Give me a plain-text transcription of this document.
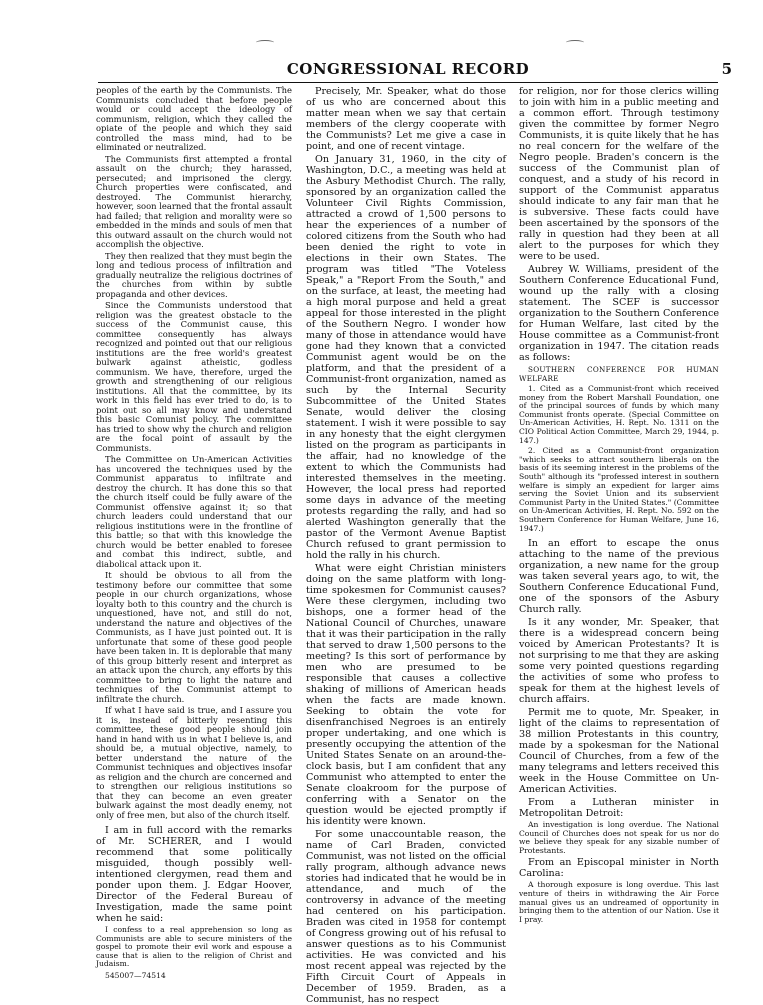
CONGRESSIONAL RECORD	5

peoples of the earth by the Communists. The Communists concluded that before people would or could accept the ideology of communism, religion, which they called the opiate of the people and which they said controlled the mass mind, had to be eliminated or neutralized.

The Communists first attempted a frontal assault on the church; they harassed, persecuted; and imprisoned the clergy. Church properties were confiscated, and destroyed. The Communist hierarchy, however, soon learned that the frontal assault had failed; that religion and morality were so embedded in the minds and souls of men that this outward assault on the church would not accomplish the objective.

They then realized that they must begin the long and tedious process of infiltration and gradually neutralize the religious doctrines of the churches from within by subtle propaganda and other devices.

Since the Communists understood that religion was the greatest obstacle to the success of the Communist cause, this committee consequently has always recognized and pointed out that our religious institutions are the free world's greatest bulwark against atheistic, godless communism. We have, therefore, urged the growth and strengthening of our religious institutions. All that the committee, by its work in this field has ever tried to do, is to point out so all may know and understand this basic Comunist policy. The committee has tried to show why the church and religion are the focal point of assault by the Communists.

The Committee on Un-American Activities has uncovered the techniques used by the Communist apparatus to infiltrate and destroy the church. It has done this so that the church itself could be fully aware of the Communist offensive against it; so that church leaders could understand that our religious institutions were in the frontline of this battle; so that with this knowledge the church would be better enabled to foresee and combat this indirect, subtle, and diabolical attack upon it.

It should be obvious to all from the testimony before our committee that some people in our church organizations, whose loyalty both to this country and the church is unquestioned, have not, and still do not, understand the nature and objectives of the Communists, as I have just pointed out. It is unfortunate that some of these good people have been taken in. It is deplorable that many of this group bitterly resent and interpret as an attack upon the church, any efforts by this committee to bring to light the nature and techniques of the Communist attempt to infiltrate the church.

If what I have said is true, and I assure you it is, instead of bitterly resenting this committee, these good people should join hand in hand with us in what I believe is, and should be, a mutual objective, namely, to better understand the nature of the Communist techniques and objectives insofar as religion and the church are concerned and to strengthen our religious institutions so that they can become an even greater bulwark against the most deadly enemy, not only of free men, but also of the church itself.

I am in full accord with the remarks of Mr. SCHERER, and I would recommend that some politically misguided, though possibly well-intentioned clergymen, read them and ponder upon them. J. Edgar Hoover, Director of the Federal Bureau of Investigation, made the same point when he said:

I confess to a real apprehension so long as Communists are able to secure ministers of the gospel to promote their evil work and espouse a cause that is alien to the religion of Christ and Judaism.

545007—74514

Precisely, Mr. Speaker, what do those of us who are concerned about this matter mean when we say that certain members of the clergy cooperate with the Communists? Let me give a case in point, and one of recent vintage.

On January 31, 1960, in the city of Washington, D.C., a meeting was held at the Asbury Methodist Church. The rally, sponsored by an organization called the Volunteer Civil Rights Commission, attracted a crowd of 1,500 persons to hear the experiences of a number of colored citizens from the South who had been denied the right to vote in elections in their own States. The program was titled "The Voteless Speak," a "Report From the South," and on the surface, at least, the meeting had a high moral purpose and held a great appeal for those interested in the plight of the Southern Negro. I wonder how many of those in attendance would have gone had they known that a convicted Communist agent would be on the platform, and that the president of a Communist-front organization, named as such by the Internal Security Subcommittee of the United States Senate, would deliver the closing statement. I wish it were possible to say in any honesty that the eight clergymen listed on the program as participants in the affair, had no knowledge of the extent to which the Communists had interested themselves in the meeting. However, the local press had reported some days in advance of the meeting protests regarding the rally, and had so alerted Washington generally that the pastor of the Vermont Avenue Baptist Church refused to grant permission to hold the rally in his church.

What were eight Christian ministers doing on the same platform with long-time spokesmen for Communist causes? Were these clergymen, including two bishops, one a former head of the National Council of Churches, unaware that it was their participation in the rally that served to draw 1,500 persons to the meeting? Is this sort of performance by men who are presumed to be responsible that causes a collective shaking of millions of American heads when the facts are made known. Seeking to obtain the vote for disenfranchised Negroes is an entirely proper undertaking, and one which is presently occupying the attention of the United States Senate on an around-the-clock basis, but I am confident that any Communist who attempted to enter the Senate cloakroom for the purpose of conferring with a Senator on the question would be ejected promptly if his identity were known.

For some unaccountable reason, the name of Carl Braden, convicted Communist, was not listed on the official rally program, although advance news stories had indicated that he would be in attendance, and much of the controversy in advance of the meeting had centered on his participation. Braden was cited in 1958 for contempt of Congress growing out of his refusal to answer questions as to his Communist activities. He was convicted and his most recent appeal was rejected by the Fifth Circuit Court of Appeals in December of 1959. Braden, as a Communist, has no respect

for religion, nor for those clerics willing to join with him in a public meeting and a common effort. Through testimony given the committee by former Negro Communists, it is quite likely that he has no real concern for the welfare of the Negro people. Braden's concern is the success of the Communist plan of conquest, and a study of his record in support of the Communist apparatus should indicate to any fair man that he is subversive. These facts could have been ascertained by the sponsors of the rally in question had they been at all alert to the purposes for which they were to be used.

Aubrey W. Williams, president of the Southern Conference Educational Fund, wound up the rally with a closing statement. The SCEF is successor organization to the Southern Conference for Human Welfare, last cited by the House committee as a Communist-front organization in 1947. The citation reads as follows:

SOUTHERN CONFERENCE FOR HUMAN WELFARE

1. Cited as a Communist-front which received money from the Robert Marshall Foundation, one of the principal sources of funds by which many Communist fronts operate. (Special Committee on Un-American Activities, H. Rept. No. 1311 on the CIO Political Action Committee, March 29, 1944, p. 147.)

2. Cited as a Communist-front organization "which seeks to attract southern liberals on the basis of its seeming interest in the problems of the South" although its "professed interest in southern welfare is simply an expedient for larger aims serving the Soviet Union and its subservient Communist Party in the United States." (Committee on Un-American Activities, H. Rept. No. 592 on the Southern Conference for Human Welfare, June 16, 1947.)

In an effort to escape the onus attaching to the name of the previous organization, a new name for the group was taken several years ago, to wit, the Southern Conference Educational Fund, one of the sponsors of the Asbury Church rally.

Is it any wonder, Mr. Speaker, that there is a widespread concern being voiced by American Protestants? It is not surprising to me that they are asking some very pointed questions regarding the activities of some who profess to speak for them at the highest levels of church affairs.

Permit me to quote, Mr. Speaker, in light of the claims to representation of 38 million Protestants in this country, made by a spokesman for the National Council of Churches, from a few of the many telegrams and letters received this week in the House Committee on Un-American Activities.

From a Lutheran minister in Metropolitan Detroit:

An investigation is long overdue. The National Council of Churches does not speak for us nor do we believe they speak for any sizable number of Protestants.

From an Episcopal minister in North Carolina:

A thorough exposure is long overdue. This last venture of theirs in withdrawing the Air Force manual gives us an undreamed of opportunity in bringing them to the attention of our Nation. Use it I pray.
